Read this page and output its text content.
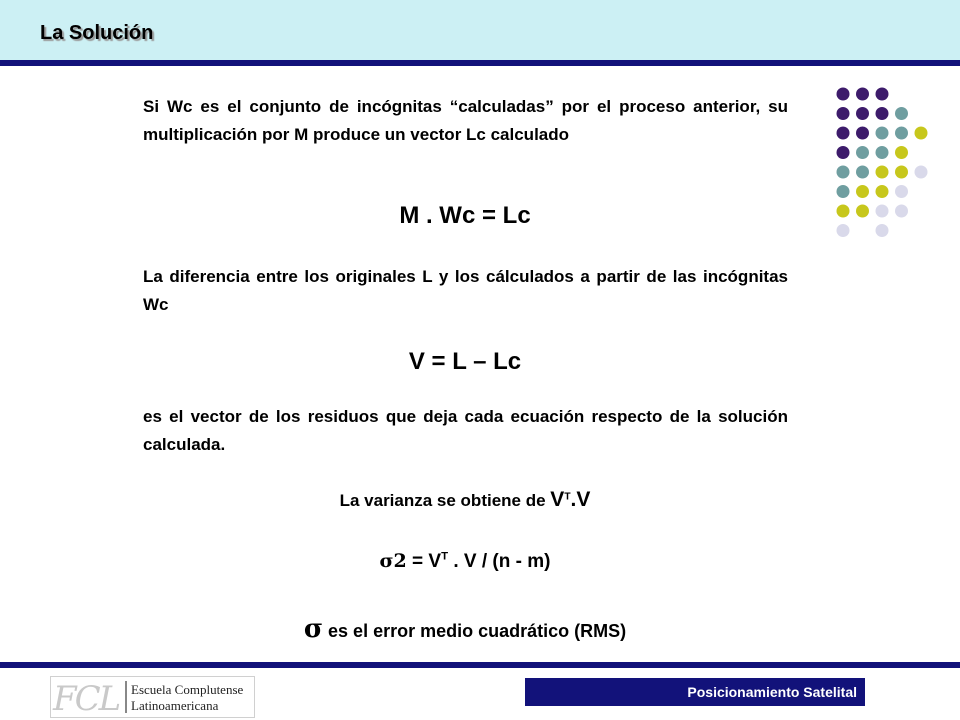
La Solución

Si Wc es el conjunto de incógnitas “calculadas” por el proceso anterior, su multiplicación por M produce un vector Lc calculado

M . Wc = Lc

La diferencia entre los originales L y los cálculados a partir de las incógnitas Wc

V = L – Lc

es el vector de los residuos que deja cada ecuación respecto de la solución calculada.

La varianza se obtiene de $V^T.V$
$\sigma 2 = V^T$ . V / (n - m)
σ es el error medio cuadrático (RMS)
FCL Escuela Complutense
Latinoamericana
Posicionamiento Satelital
